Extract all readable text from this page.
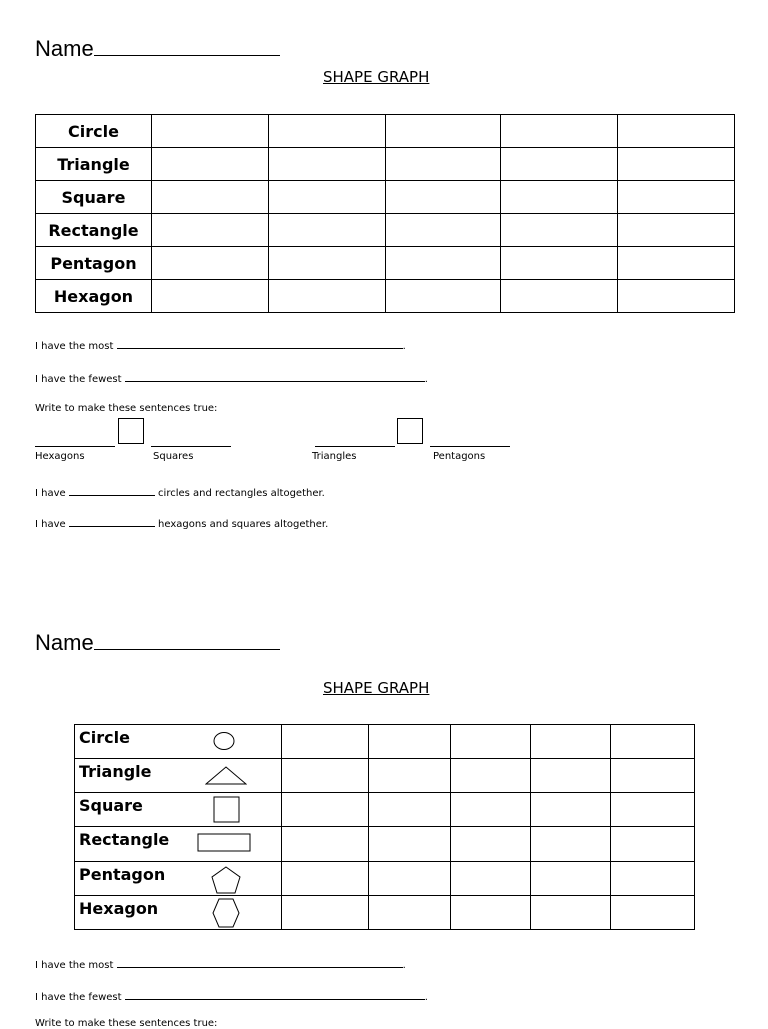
Name
SHAPE GRAPH
Circle					
Triangle					
Square					
Rectangle					
Pentagon					
Hexagon					
I have the most	.
I have the fewest	.
Write to make these sentences true:
Hexagons	Squares	Triangles	Pentagons
I have	circles and rectangles altogether.
I have	hexagons and squares altogether.
Name
SHAPE GRAPH
Circle					

Triangle					

Square					

Rectangle					

Pentagon					

Hexagon					

I have the most	.
I have the fewest	.
Write to make these sentences true:
